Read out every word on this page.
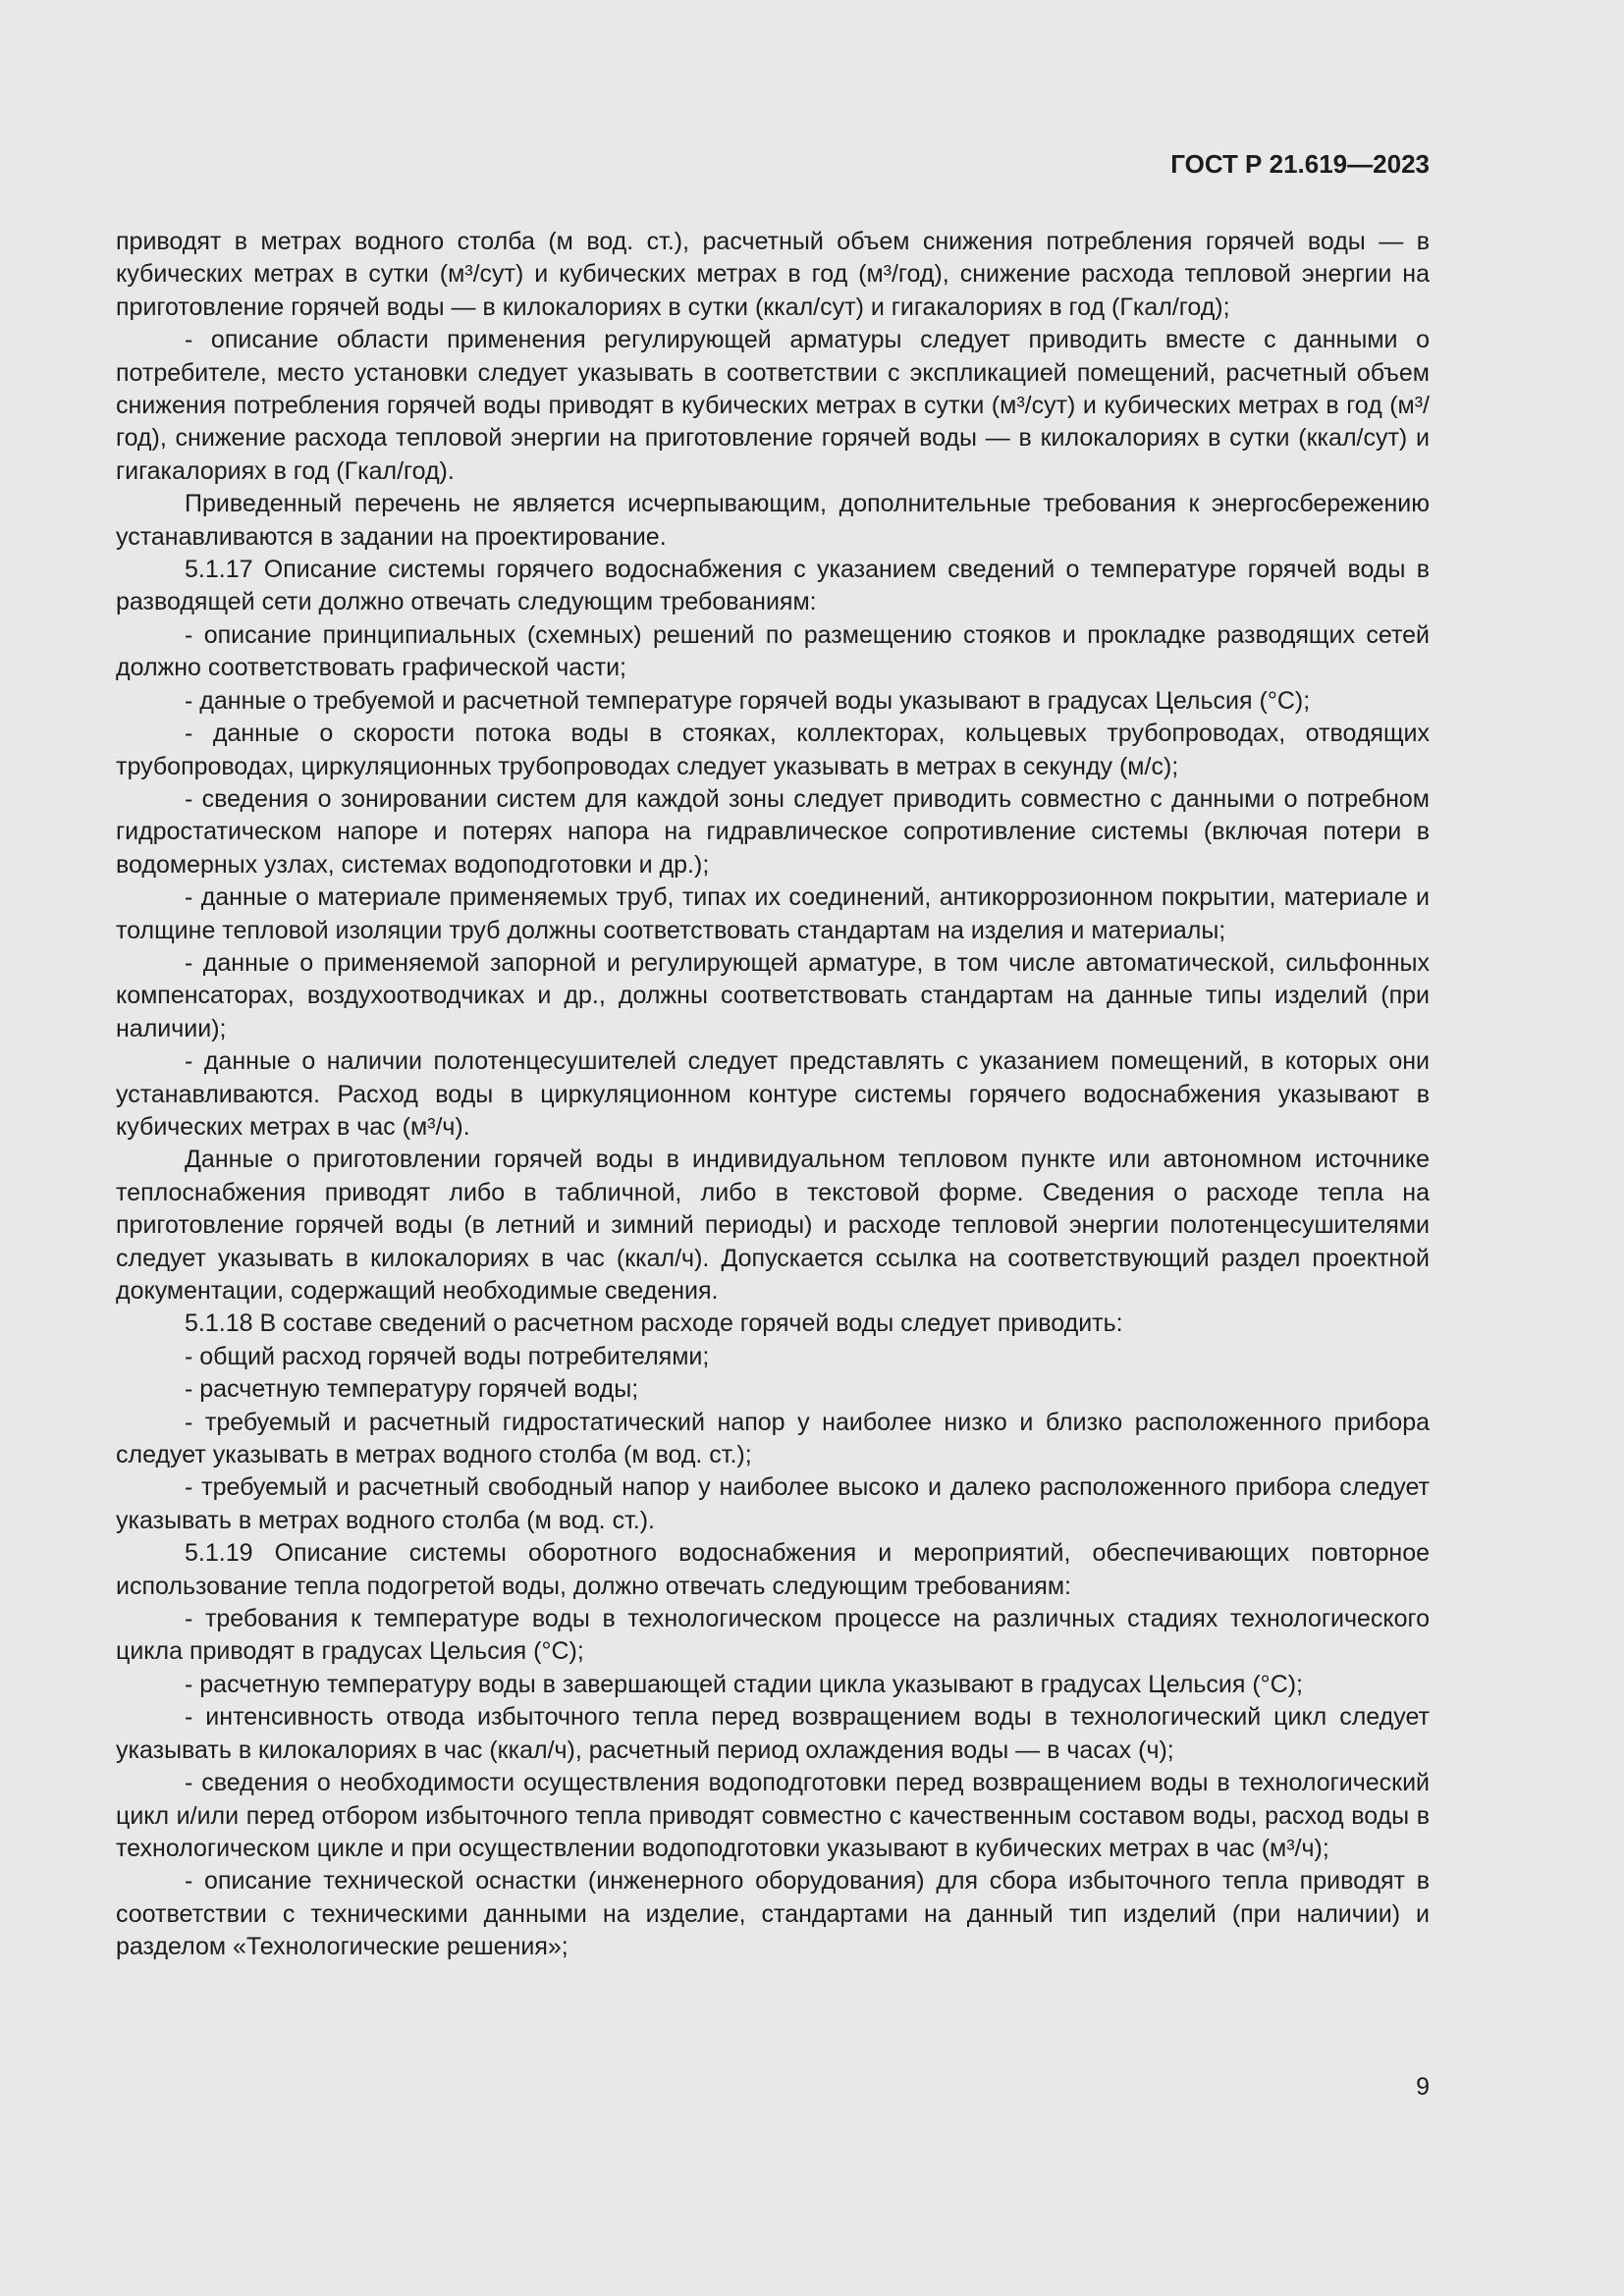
ГОСТ Р 21.619—2023

приводят в метрах водного столба (м вод. ст.), расчетный объем снижения потребления горячей воды — в кубических метрах в сутки (м³/сут) и кубических метрах в год (м³/год), снижение расхода тепловой энергии на приготовление горячей воды — в килокалориях в сутки (ккал/сут) и гигакалориях в год (Гкал/год);

- описание области применения регулирующей арматуры следует приводить вместе с данными о потребителе, место установки следует указывать в соответствии с экспликацией помещений, расчетный объем снижения потребления горячей воды приводят в кубических метрах в сутки (м³/сут) и кубических метрах в год (м³/год), снижение расхода тепловой энергии на приготовление горячей воды — в килокалориях в сутки (ккал/сут) и гигакалориях в год (Гкал/год).

Приведенный перечень не является исчерпывающим, дополнительные требования к энергосбережению устанавливаются в задании на проектирование.

5.1.17 Описание системы горячего водоснабжения с указанием сведений о температуре горячей воды в разводящей сети должно отвечать следующим требованиям:

- описание принципиальных (схемных) решений по размещению стояков и прокладке разводящих сетей должно соответствовать графической части;

- данные о требуемой и расчетной температуре горячей воды указывают в градусах Цельсия (°С);

- данные о скорости потока воды в стояках, коллекторах, кольцевых трубопроводах, отводящих трубопроводах, циркуляционных трубопроводах следует указывать в метрах в секунду (м/с);

- сведения о зонировании систем для каждой зоны следует приводить совместно с данными о потребном гидростатическом напоре и потерях напора на гидравлическое сопротивление системы (включая потери в водомерных узлах, системах водоподготовки и др.);

- данные о материале применяемых труб, типах их соединений, антикоррозионном покрытии, материале и толщине тепловой изоляции труб должны соответствовать стандартам на изделия и материалы;

- данные о применяемой запорной и регулирующей арматуре, в том числе автоматической, сильфонных компенсаторах, воздухоотводчиках и др., должны соответствовать стандартам на данные типы изделий (при наличии);

- данные о наличии полотенцесушителей следует представлять с указанием помещений, в которых они устанавливаются. Расход воды в циркуляционном контуре системы горячего водоснабжения указывают в кубических метрах в час (м³/ч).

Данные о приготовлении горячей воды в индивидуальном тепловом пункте или автономном источнике теплоснабжения приводят либо в табличной, либо в текстовой форме. Сведения о расходе тепла на приготовление горячей воды (в летний и зимний периоды) и расходе тепловой энергии полотенцесушителями следует указывать в килокалориях в час (ккал/ч). Допускается ссылка на соответствующий раздел проектной документации, содержащий необходимые сведения.

5.1.18 В составе сведений о расчетном расходе горячей воды следует приводить:

- общий расход горячей воды потребителями;

- расчетную температуру горячей воды;

- требуемый и расчетный гидростатический напор у наиболее низко и близко расположенного прибора следует указывать в метрах водного столба (м вод. ст.);

- требуемый и расчетный свободный напор у наиболее высоко и далеко расположенного прибора следует указывать в метрах водного столба (м вод. ст.).

5.1.19 Описание системы оборотного водоснабжения и мероприятий, обеспечивающих повторное использование тепла подогретой воды, должно отвечать следующим требованиям:

- требования к температуре воды в технологическом процессе на различных стадиях технологического цикла приводят в градусах Цельсия (°С);

- расчетную температуру воды в завершающей стадии цикла указывают в градусах Цельсия (°С);

- интенсивность отвода избыточного тепла перед возвращением воды в технологический цикл следует указывать в килокалориях в час (ккал/ч), расчетный период охлаждения воды — в часах (ч);

- сведения о необходимости осуществления водоподготовки перед возвращением воды в технологический цикл и/или перед отбором избыточного тепла приводят совместно с качественным составом воды, расход воды в технологическом цикле и при осуществлении водоподготовки указывают в кубических метрах в час (м³/ч);

- описание технической оснастки (инженерного оборудования) для сбора избыточного тепла приводят в соответствии с техническими данными на изделие, стандартами на данный тип изделий (при наличии) и разделом «Технологические решения»;

9
